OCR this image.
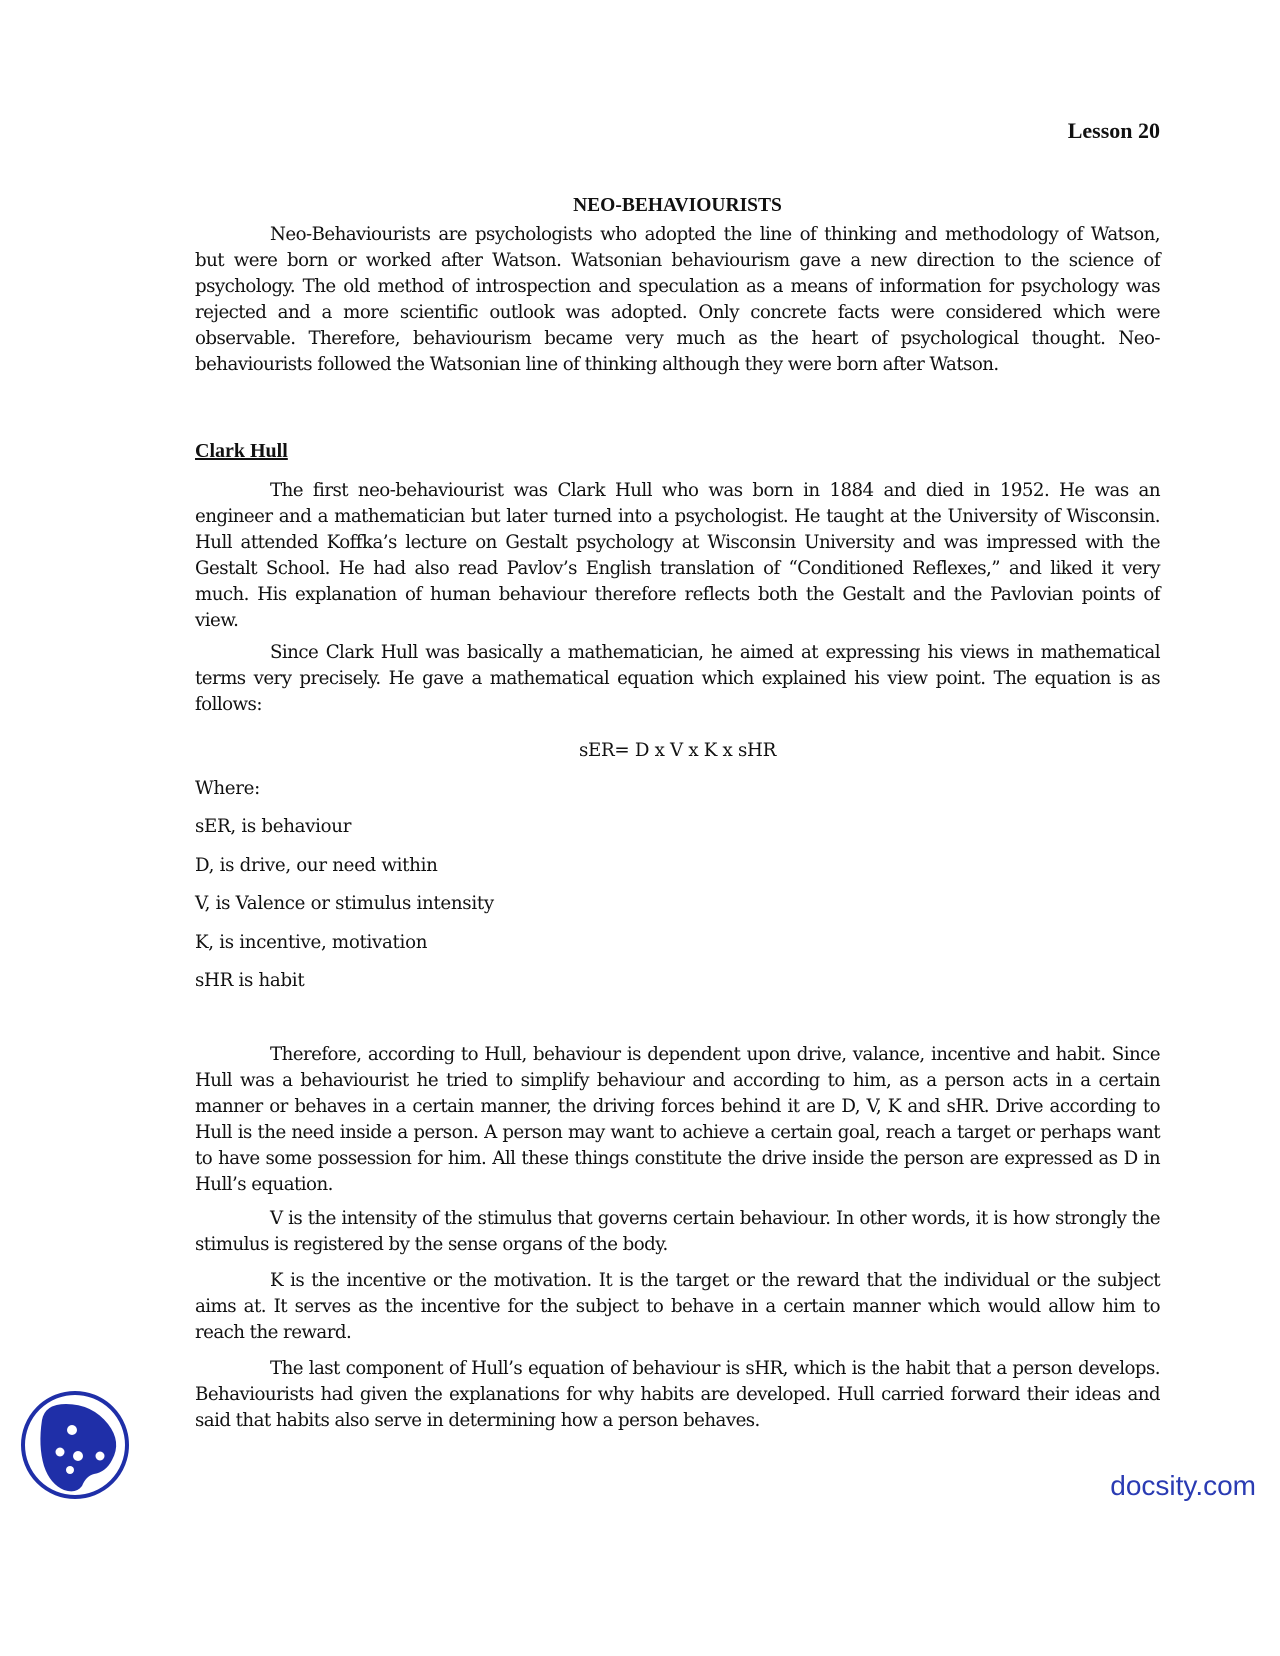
Lesson 20

NEO-BEHAVIOURISTS

Neo-Behaviourists are psychologists who adopted the line of thinking and methodology of Watson, but were born or worked after Watson. Watsonian behaviourism gave a new direction to the science of psychology. The old method of introspection and speculation as a means of information for psychology was rejected and a more scientific outlook was adopted. Only concrete facts were considered which were observable. Therefore, behaviourism became very much as the heart of psychological thought. Neo-behaviourists followed the Watsonian line of thinking although they were born after Watson.

Clark Hull

The first neo-behaviourist was Clark Hull who was born in 1884 and died in 1952. He was an engineer and a mathematician but later turned into a psychologist. He taught at the University of Wisconsin. Hull attended Koffka’s lecture on Gestalt psychology at Wisconsin University and was impressed with the Gestalt School. He had also read Pavlov’s English translation of “Conditioned Reflexes,” and liked it very much. His explanation of human behaviour therefore reflects both the Gestalt and the Pavlovian points of view.

Since Clark Hull was basically a mathematician, he aimed at expressing his views in mathematical terms very precisely. He gave a mathematical equation which explained his view point. The equation is as follows:

sER= D x V x K x sHR

Where:

sER, is behaviour
D, is drive, our need within
V, is Valence or stimulus intensity
K, is incentive, motivation
sHR is habit

Therefore, according to Hull, behaviour is dependent upon drive, valance, incentive and habit. Since Hull was a behaviourist he tried to simplify behaviour and according to him, as a person acts in a certain manner or behaves in a certain manner, the driving forces behind it are D, V, K and sHR. Drive according to Hull is the need inside a person. A person may want to achieve a certain goal, reach a target or perhaps want to have some possession for him. All these things constitute the drive inside the person are expressed as D in Hull’s equation.

V is the intensity of the stimulus that governs certain behaviour. In other words, it is how strongly the stimulus is registered by the sense organs of the body.

K is the incentive or the motivation. It is the target or the reward that the individual or the subject aims at. It serves as the incentive for the subject to behave in a certain manner which would allow him to reach the reward.

The last component of Hull’s equation of behaviour is sHR, which is the habit that a person develops. Behaviourists had given the explanations for why habits are developed. Hull carried forward their ideas and said that habits also serve in determining how a person behaves.

docsity.com
